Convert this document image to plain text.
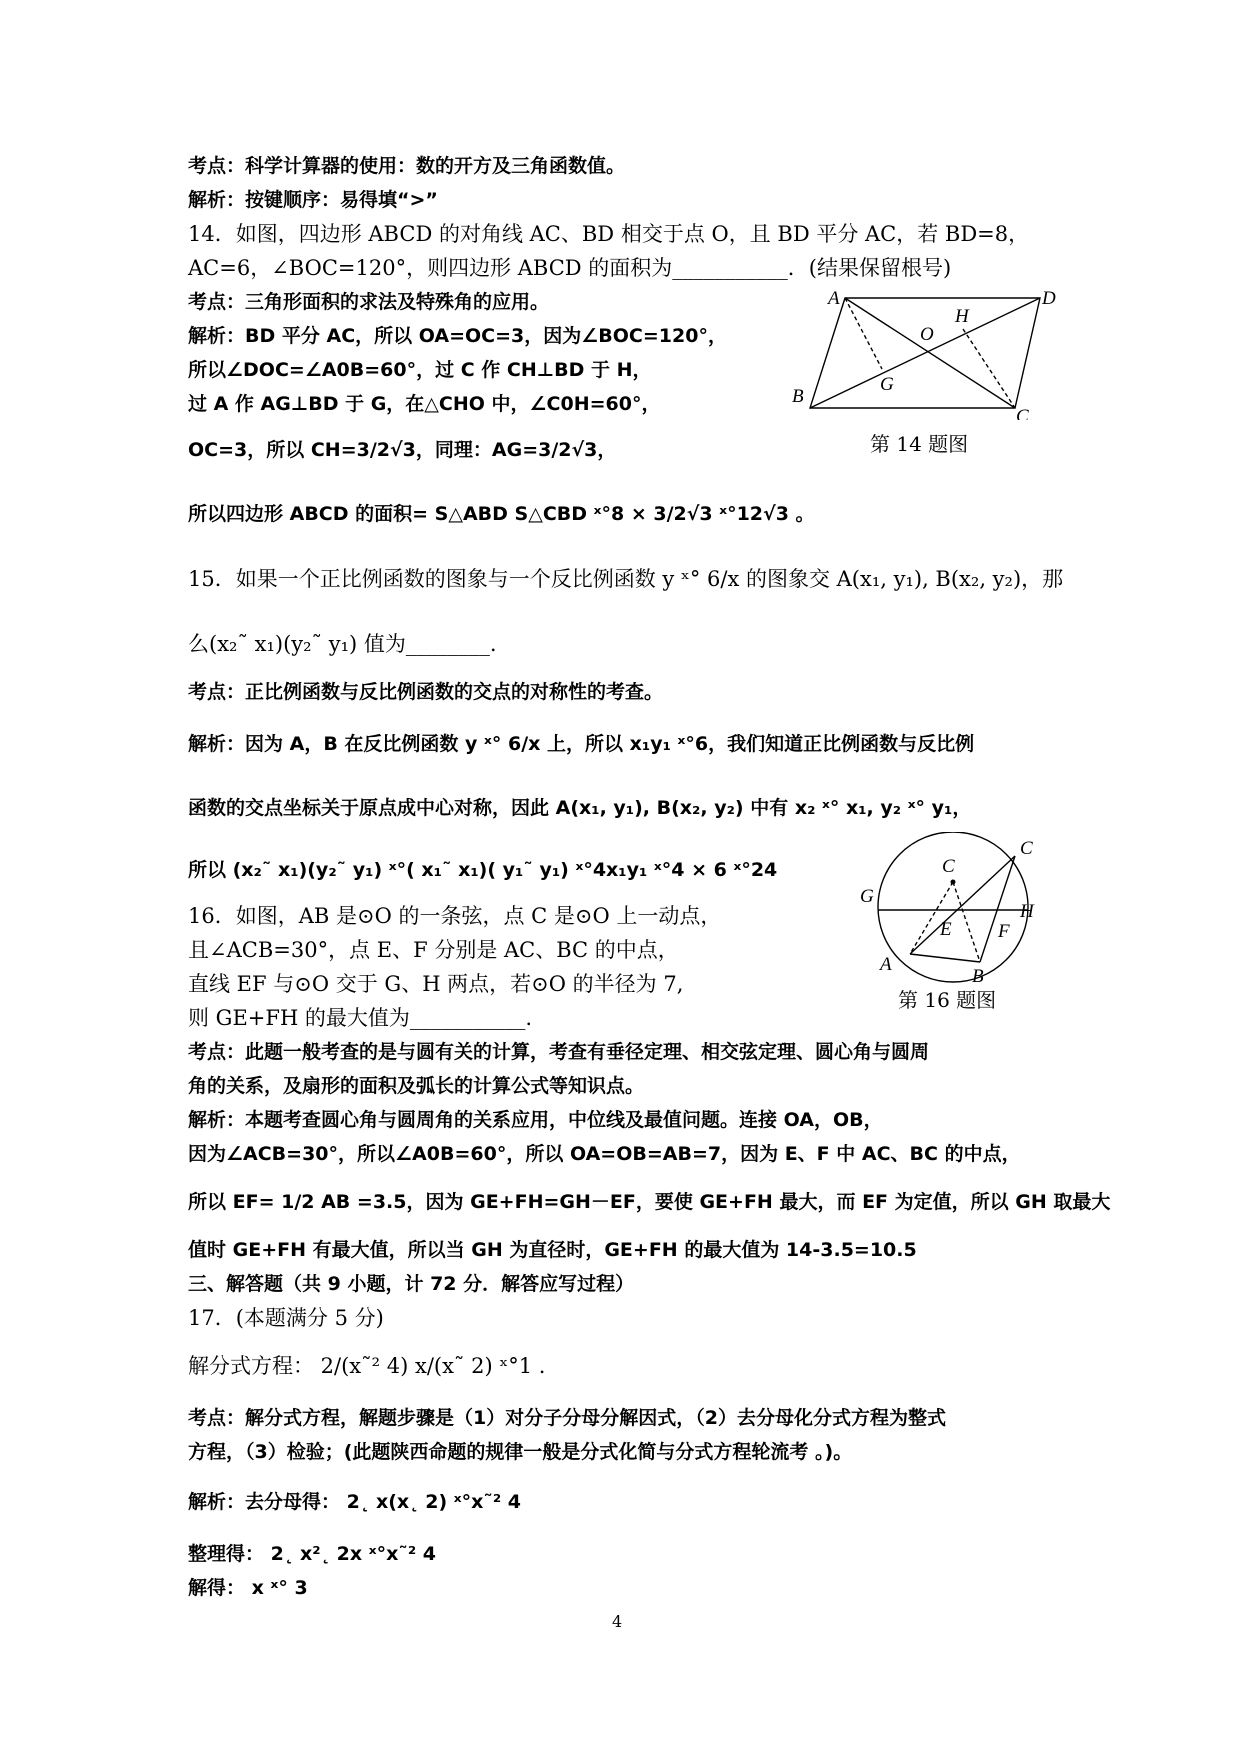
考点：科学计算器的使用：数的开方及三角函数值。
解析：按键顺序：易得填“>”
14．如图，四边形 ABCD 的对角线 AC、BD 相交于点 O，且 BD 平分 AC，若 BD=8，
AC=6，∠BOC=120°，则四边形 ABCD 的面积为___________．(结果保留根号)
考点：三角形面积的求法及特殊角的应用。
解析：BD 平分 AC，所以 OA=OC=3，因为∠BOC=120°，
所以∠DOC=∠A0B=60°，过 C 作 CH⊥BD 于 H，
过 A 作 AG⊥BD 于 G，在△CHO 中，∠C0H=60°，
OC=3，所以 CH=3/2√3，同理：AG=3/2√3，
所以四边形 ABCD 的面积= S△ABD S△CBD ˣ°8 × 3/2√3 ˣ°12√3 。
15．如果一个正比例函数的图象与一个反比例函数 y ˣ° 6/x 的图象交 A(x₁, y₁), B(x₂, y₂)，那
么(x₂˜ x₁)(y₂˜ y₁) 值为________.
考点：正比例函数与反比例函数的交点的对称性的考查。
解析：因为 A，B 在反比例函数 y ˣ° 6/x 上，所以 x₁y₁ ˣ°6，我们知道正比例函数与反比例
函数的交点坐标关于原点成中心对称，因此 A(x₁, y₁), B(x₂, y₂) 中有 x₂ ˣ° x₁, y₂ ˣ° y₁，
所以 (x₂˜ x₁)(y₂˜ y₁) ˣ°( x₁˜ x₁)( y₁˜ y₁) ˣ°4x₁y₁ ˣ°4 × 6 ˣ°24
16．如图，AB 是⊙O 的一条弦，点 C 是⊙O 上一动点，
且∠ACB=30°，点 E、F 分别是 AC、BC 的中点，
直线 EF 与⊙O 交于 G、H 两点，若⊙O 的半径为 7,
则 GE+FH 的最大值为___________.
考点：此题一般考查的是与圆有关的计算，考查有垂径定理、相交弦定理、圆心角与圆周
角的关系，及扇形的面积及弧长的计算公式等知识点。
解析：本题考查圆心角与圆周角的关系应用，中位线及最值问题。连接 OA，OB，
因为∠ACB=30°，所以∠A0B=60°，所以 OA=OB=AB=7，因为 E、F 中 AC、BC 的中点，
所以 EF= 1/2 AB =3.5，因为 GE+FH=GH－EF，要使 GE+FH 最大，而 EF 为定值，所以 GH 取最大
值时 GE+FH 有最大值，所以当 GH 为直径时，GE+FH 的最大值为 14-3.5=10.5
三、解答题（共 9 小题，计 72 分．解答应写过程）
17．(本题满分 5 分)
解分式方程： 2/(x˜² 4) x/(x˜ 2) ˣ°1 .
考点：解分式方程，解题步骤是（1）对分子分母分解因式，（2）去分母化分式方程为整式
方程，（3）检验；(此题陕西命题的规律一般是分式化简与分式方程轮流考 。)。
解析：去分母得： 2˛ x(x˛ 2) ˣ°x˜² 4
整理得： 2˛ x²˛ 2x ˣ°x˜² 4
解得： x ˣ° 3
A	D
H
O
G
B
C
第 14 题图
C
C
G
H
E F
A
B
第 16 题图
4
